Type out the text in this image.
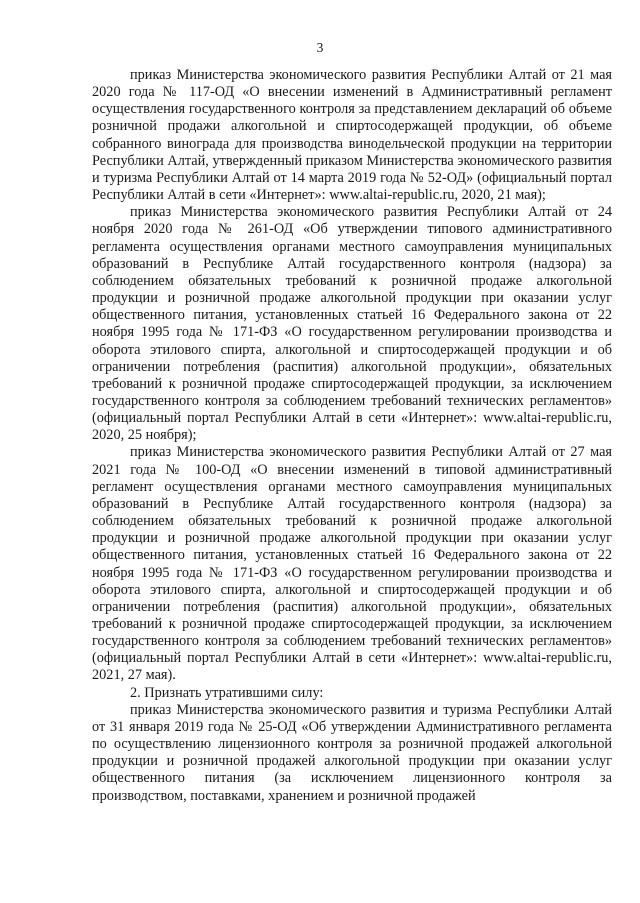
3

приказ Министерства экономического развития Республики Алтай от 21 мая 2020 года № 117-ОД «О внесении изменений в Административный регламент осуществления государственного контроля за представлением деклараций об объеме розничной продажи алкогольной и спиртосодержащей продукции, об объеме собранного винограда для производства винодельческой продукции на территории Республики Алтай, утвержденный приказом Министерства экономического развития и туризма Республики Алтай от 14 марта 2019 года № 52-ОД» (официальный портал Республики Алтай в сети «Интернет»: www.altai-republic.ru, 2020, 21 мая);

приказ Министерства экономического развития Республики Алтай от 24 ноября 2020 года № 261-ОД «Об утверждении типового административного регламента осуществления органами местного самоуправления муниципальных образований в Республике Алтай государственного контроля (надзора) за соблюдением обязательных требований к розничной продаже алкогольной продукции и розничной продаже алкогольной продукции при оказании услуг общественного питания, установленных статьей 16 Федерального закона от 22 ноября 1995 года № 171-ФЗ «О государственном регулировании производства и оборота этилового спирта, алкогольной и спиртосодержащей продукции и об ограничении потребления (распития) алкогольной продукции», обязательных требований к розничной продаже спиртосодержащей продукции, за исключением государственного контроля за соблюдением требований технических регламентов» (официальный портал Республики Алтай в сети «Интернет»: www.altai-republic.ru, 2020, 25 ноября);

приказ Министерства экономического развития Республики Алтай от 27 мая 2021 года № 100-ОД «О внесении изменений в типовой административный регламент осуществления органами местного самоуправления муниципальных образований в Республике Алтай государственного контроля (надзора) за соблюдением обязательных требований к розничной продаже алкогольной продукции и розничной продаже алкогольной продукции при оказании услуг общественного питания, установленных статьей 16 Федерального закона от 22 ноября 1995 года № 171-ФЗ «О государственном регулировании производства и оборота этилового спирта, алкогольной и спиртосодержащей продукции и об ограничении потребления (распития) алкогольной продукции», обязательных требований к розничной продаже спиртосодержащей продукции, за исключением государственного контроля за соблюдением требований технических регламентов» (официальный портал Республики Алтай в сети «Интернет»: www.altai-republic.ru, 2021, 27 мая).

2. Признать утратившими силу:

приказ Министерства экономического развития и туризма Республики Алтай от 31 января 2019 года № 25-ОД «Об утверждении Административного регламента по осуществлению лицензионного контроля за розничной продажей алкогольной продукции и розничной продажей алкогольной продукции при оказании услуг общественного питания (за исключением лицензионного контроля за производством, поставками, хранением и розничной продажей
